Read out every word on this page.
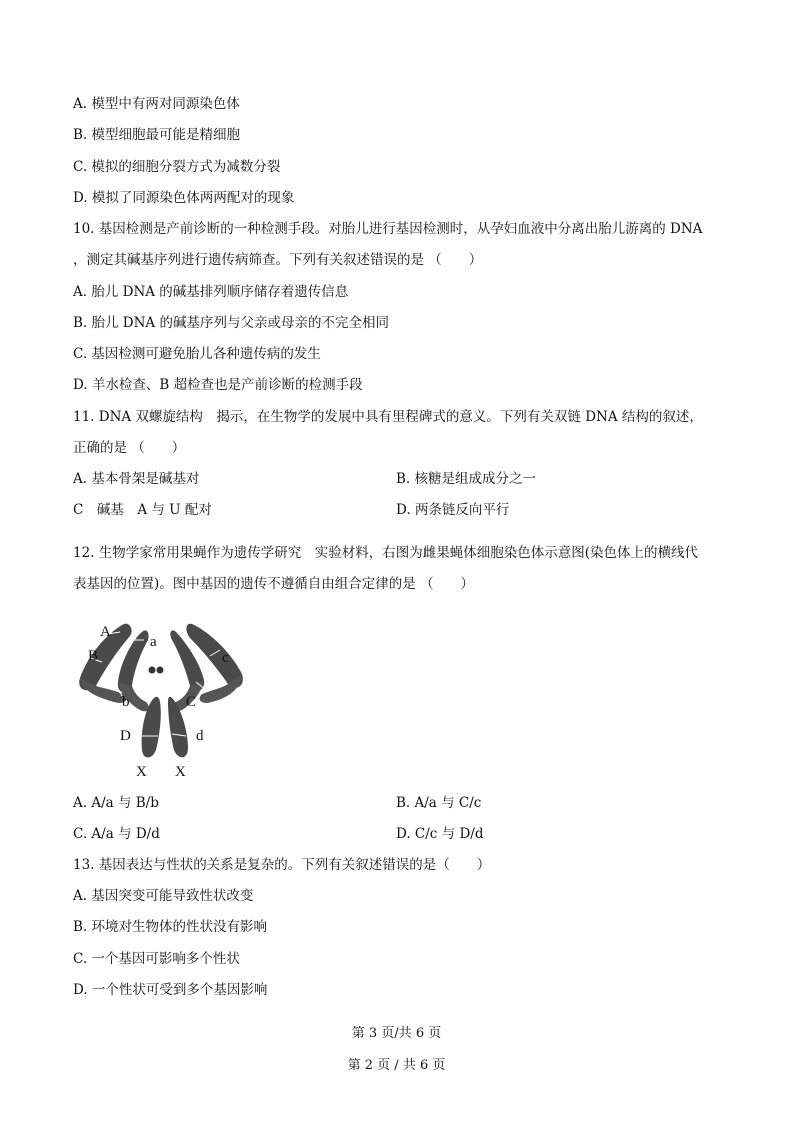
A. 模型中有两对同源染色体
B. 模型细胞最可能是精细胞
C. 模拟的细胞分裂方式为减数分裂
D. 模拟了同源染色体两两配对的现象
10. 基因检测是产前诊断的一种检测手段。对胎儿进行基因检测时，从孕妇血液中分离出胎儿游离的 DNA
，测定其碱基序列进行遗传病筛查。下列有关叙述错误的是 （　　）
A. 胎儿 DNA 的碱基排列顺序储存着遗传信息
B. 胎儿 DNA 的碱基序列与父亲或母亲的不完全相同
C. 基因检测可避免胎儿各种遗传病的发生
D. 羊水检查、B 超检查也是产前诊断的检测手段
11. DNA 双螺旋结构　揭示，在生物学的发展中具有里程碑式的意义。下列有关双链 DNA 结构的叙述，
正确的是 （　　）
A. 基本骨架是碱基对	B. 核糖是组成成分之一
C　碱基　A 与 U 配对	D. 两条链反向平行
12. 生物学家常用果蝇作为遗传学研究　实验材料，右图为雌果蝇体细胞染色体示意图(染色体上的横线代
表基因的位置)。图中基因的遗传不遵循自由组合定律的是 （　　）
A
a
B	c
b	C
D	d
X X
A. A/a 与 B/b	B. A/a 与 C/c
C. A/a 与 D/d	D. C/c 与 D/d
13. 基因表达与性状的关系是复杂的。下列有关叙述错误的是（　　）
A. 基因突变可能导致性状改变
B. 环境对生物体的性状没有影响
C. 一个基因可影响多个性状
D. 一个性状可受到多个基因影响
第 3 页/共 6 页
第 2 页 / 共 6 页
